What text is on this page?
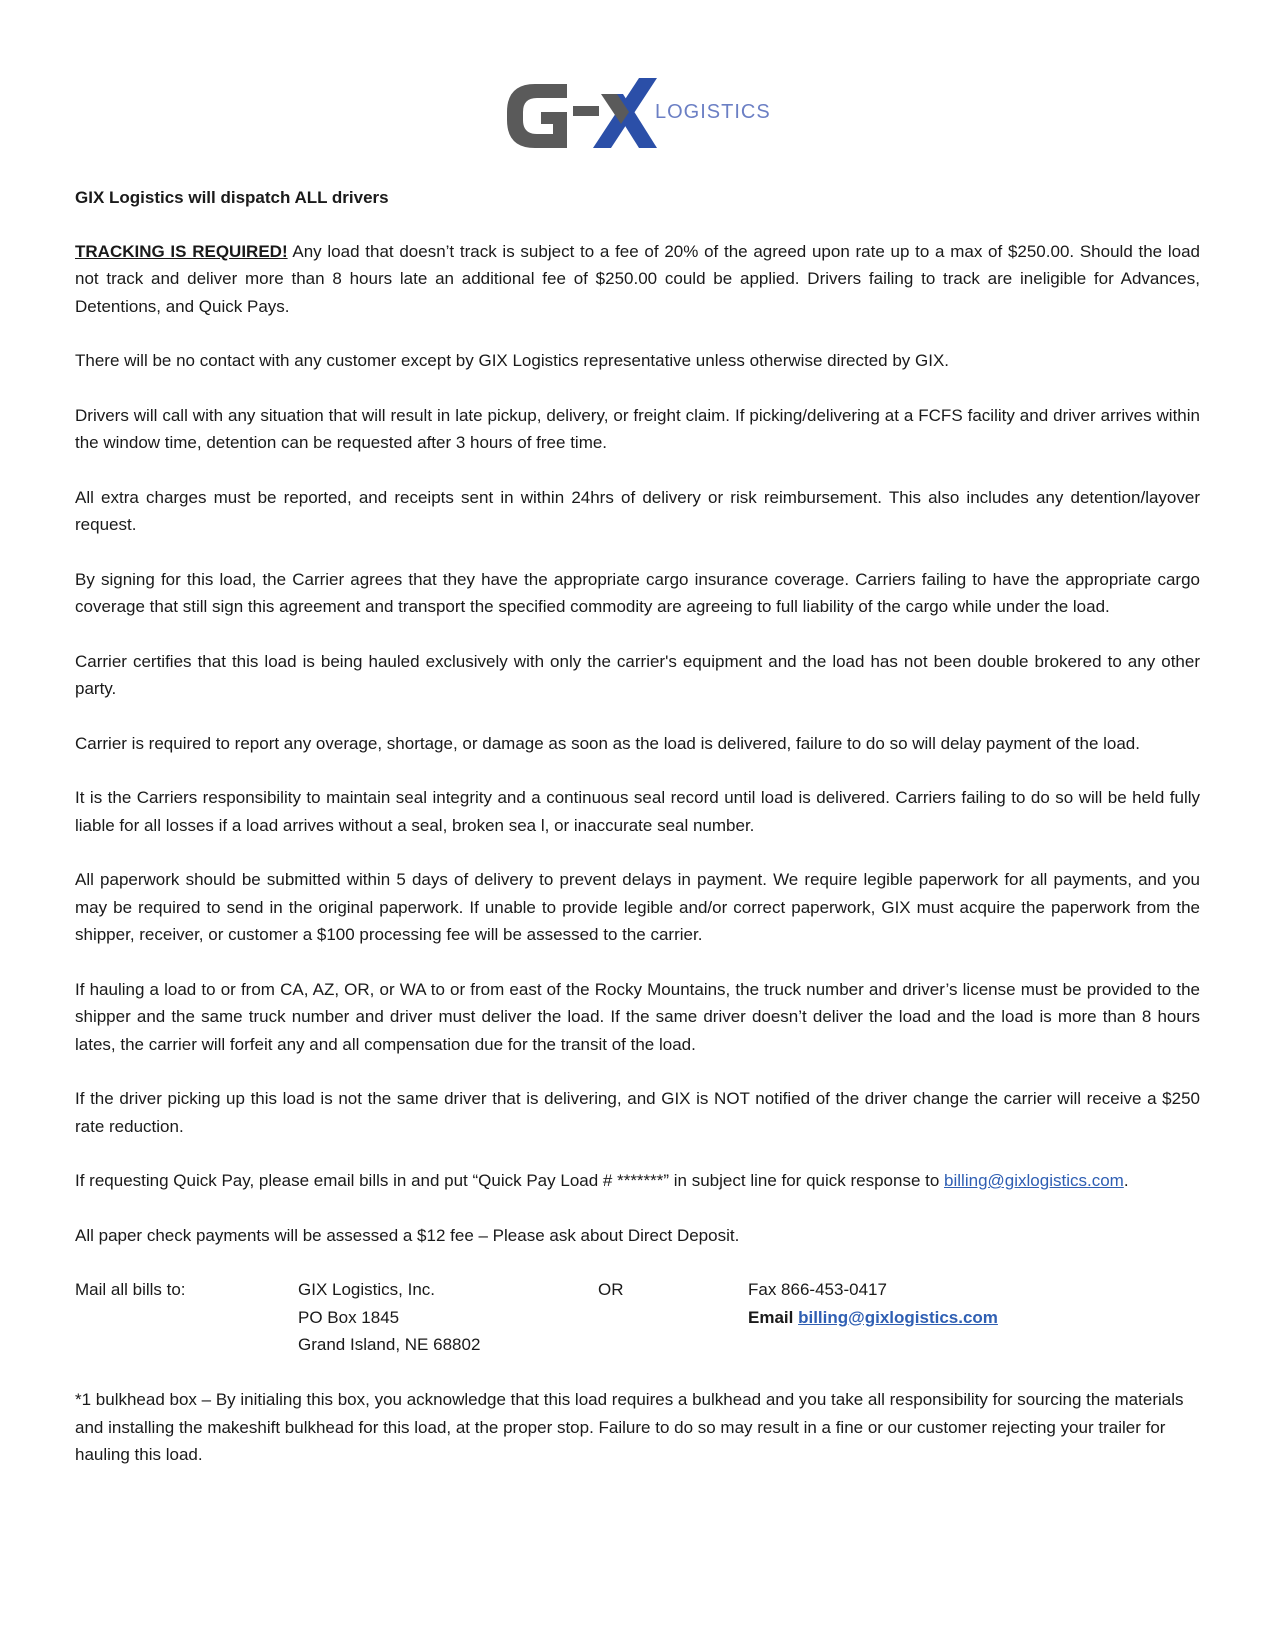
LOGISTICS
GIX Logistics will dispatch ALL drivers

TRACKING IS REQUIRED! Any load that doesn’t track is subject to a fee of 20% of the agreed upon rate up to a max of $250.00. Should the load not track and deliver more than 8 hours late an additional fee of $250.00 could be applied. Drivers failing to track are ineligible for Advances, Detentions, and Quick Pays.

There will be no contact with any customer except by GIX Logistics representative unless otherwise directed by GIX.

Drivers will call with any situation that will result in late pickup, delivery, or freight claim. If picking/delivering at a FCFS facility and driver arrives within the window time, detention can be requested after 3 hours of free time.

All extra charges must be reported, and receipts sent in within 24hrs of delivery or risk reimbursement. This also includes any detention/layover request.

By signing for this load, the Carrier agrees that they have the appropriate cargo insurance coverage. Carriers failing to have the appropriate cargo coverage that still sign this agreement and transport the specified commodity are agreeing to full liability of the cargo while under the load.

Carrier certifies that this load is being hauled exclusively with only the carrier's equipment and the load has not been double brokered to any other party.

Carrier is required to report any overage, shortage, or damage as soon as the load is delivered, failure to do so will delay payment of the load.

It is the Carriers responsibility to maintain seal integrity and a continuous seal record until load is delivered. Carriers failing to do so will be held fully liable for all losses if a load arrives without a seal, broken sea l, or inaccurate seal number.

All paperwork should be submitted within 5 days of delivery to prevent delays in payment. We require legible paperwork for all payments, and you may be required to send in the original paperwork. If unable to provide legible and/or correct paperwork, GIX must acquire the paperwork from the shipper, receiver, or customer a $100 processing fee will be assessed to the carrier.

If hauling a load to or from CA, AZ, OR, or WA to or from east of the Rocky Mountains, the truck number and driver’s license must be provided to the shipper and the same truck number and driver must deliver the load. If the same driver doesn’t deliver the load and the load is more than 8 hours lates, the carrier will forfeit any and all compensation due for the transit of the load.

If the driver picking up this load is not the same driver that is delivering, and GIX is NOT notified of the driver change the carrier will receive a $250 rate reduction.

If requesting Quick Pay, please email bills in and put “Quick Pay Load # *******” in subject line for quick response to billing@gixlogistics.com.

All paper check payments will be assessed a $12 fee – Please ask about Direct Deposit.

Mail all bills to:	GIX Logistics, Inc.
PO Box 1845
Grand Island, NE 68802
OR	Fax 866-453-0417
Email billing@gixlogistics.com

*1 bulkhead box – By initialing this box, you acknowledge that this load requires a bulkhead and you take all responsibility for sourcing the materials and installing the makeshift bulkhead for this load, at the proper stop. Failure to do so may result in a fine or our customer rejecting your trailer for hauling this load.
